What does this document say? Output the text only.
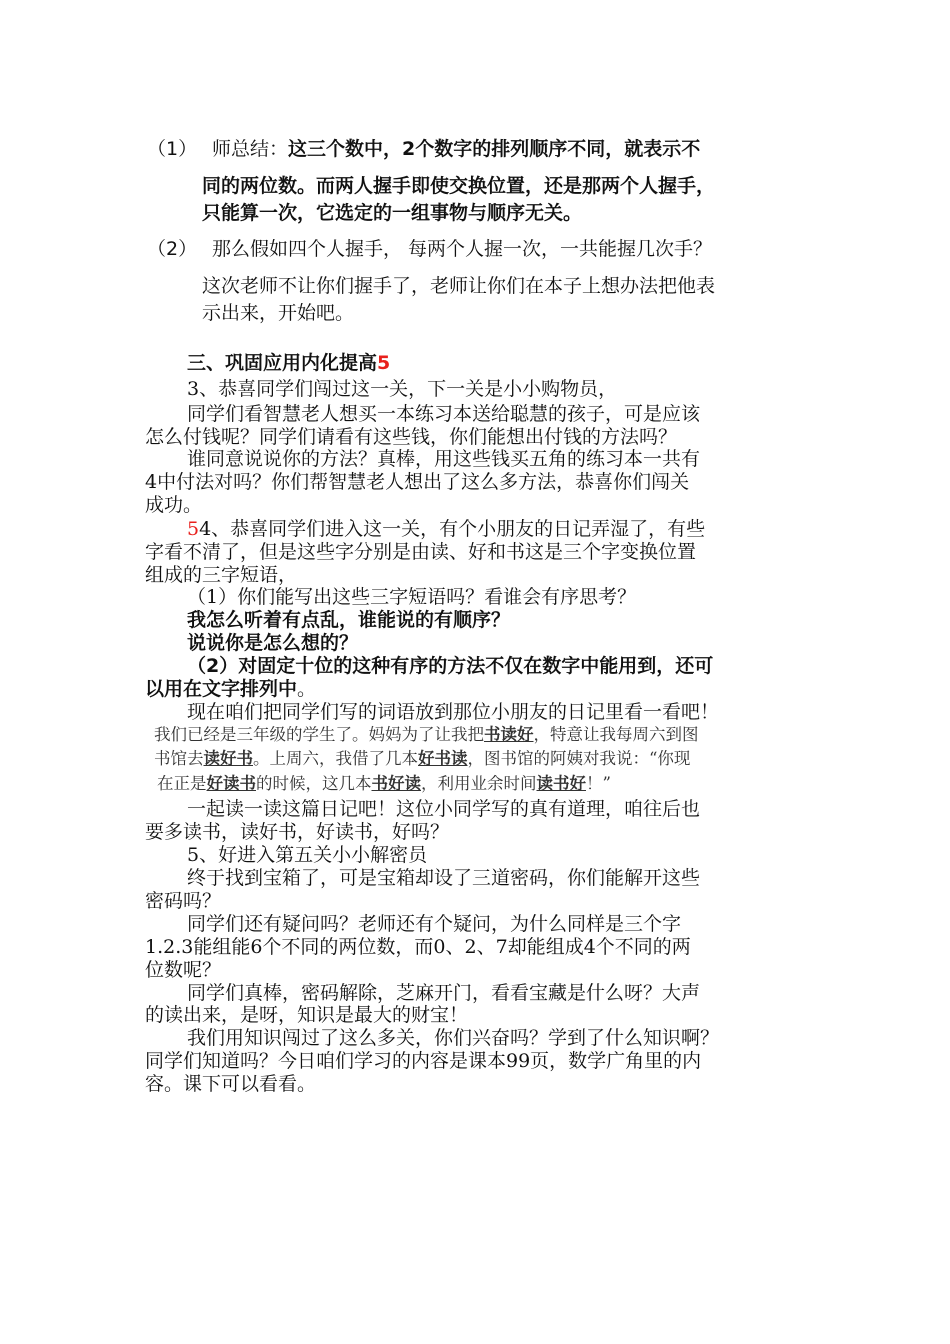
（1） 师总结：这三个数中，2个数字的排列顺序不同，就表示不
同的两位数。而两人握手即使交换位置，还是那两个人握手，
只能算一次，它选定的一组事物与顺序无关。
（2） 那么假如四个人握手， 每两个人握一次，一共能握几次手？
这次老师不让你们握手了，老师让你们在本子上想办法把他表
示出来，开始吧。
三、巩固应用内化提高5
3、恭喜同学们闯过这一关，下一关是小小购物员，
同学们看智慧老人想买一本练习本送给聪慧的孩子，可是应该
怎么付钱呢？同学们请看有这些钱，你们能想出付钱的方法吗？
谁同意说说你的方法？真棒，用这些钱买五角的练习本一共有
4中付法对吗？你们帮智慧老人想出了这么多方法，恭喜你们闯关
成功。
54、恭喜同学们进入这一关，有个小朋友的日记弄湿了，有些
字看不清了，但是这些字分别是由读、好和书这是三个字变换位置
组成的三字短语，
（1）你们能写出这些三字短语吗？看谁会有序思考？
我怎么听着有点乱，谁能说的有顺序？
说说你是怎么想的？
（2）对固定十位的这种有序的方法不仅在数字中能用到，还可
以用在文字排列中。
现在咱们把同学们写的词语放到那位小朋友的日记里看一看吧！
我们已经是三年级的学生了。妈妈为了让我把书读好，特意让我每周六到图
书馆去读好书。上周六，我借了几本好书读，图书馆的阿姨对我说：“你现
在正是好读书的时候，这几本书好读，利用业余时间读书好！”
一起读一读这篇日记吧！这位小同学写的真有道理，咱往后也
要多读书，读好书，好读书，好吗？
5、好进入第五关小小解密员
终于找到宝箱了，可是宝箱却设了三道密码，你们能解开这些
密码吗？
同学们还有疑问吗？老师还有个疑问，为什么同样是三个字
1.2.3能组能6个不同的两位数，而0、2、7却能组成4个不同的两
位数呢？
同学们真棒，密码解除，芝麻开门，看看宝藏是什么呀？大声
的读出来，是呀，知识是最大的财宝！
我们用知识闯过了这么多关，你们兴奋吗？学到了什么知识啊？
同学们知道吗？今日咱们学习的内容是课本99页，数学广角里的内
容。课下可以看看。
